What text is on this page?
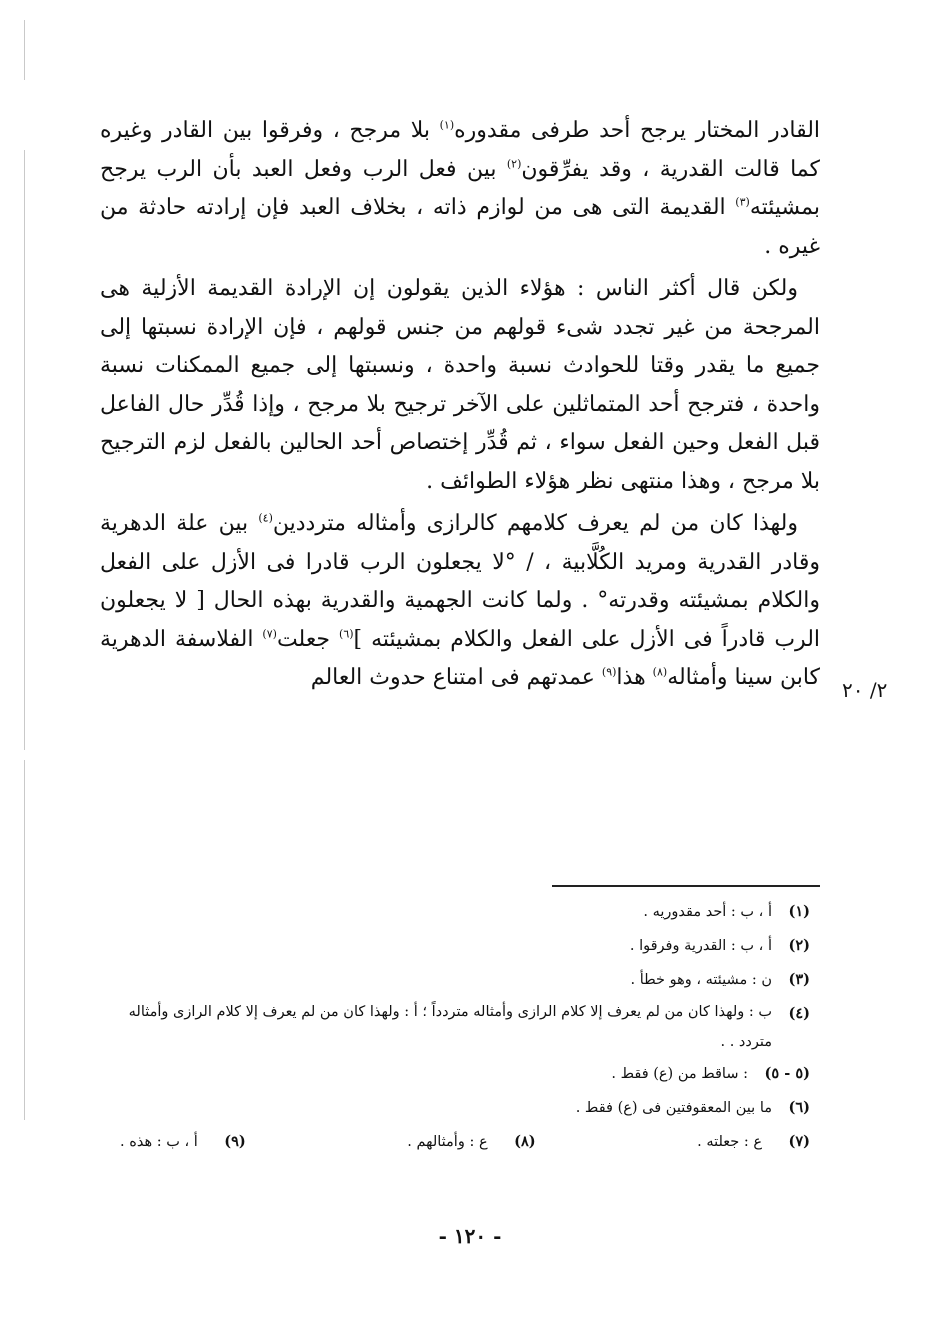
القادر المختار يرجح أحد طرفى مقدوره$^{(١)}$ بلا مرجح ، وفرقوا بين القادر وغيره كما قالت القدرية ، وقد يفرِّقون$^{(٢)}$ بين فعل الرب وفعل العبد بأن الرب يرجح بمشيئته$^{(٣)}$ القديمة التى هى من لوازم ذاته ، بخلاف العبد فإن إرادته حادثة من غيره .

ولكن قال أكثر الناس : هؤلاء الذين يقولون إن الإرادة القديمة الأزلية هى المرجحة من غير تجدد شىء قولهم من جنس قولهم ، فإن الإرادة نسبتها إلى جميع ما يقدر وقتا للحوادث نسبة واحدة ، ونسبتها إلى جميع الممكنات نسبة واحدة ، فترجح أحد المتماثلين على الآخر ترجيح بلا مرجح ، وإذا قُدِّر حال الفاعل قبل الفعل وحين الفعل سواء ، ثم قُدِّر إختصاص أحد الحالين بالفعل لزم الترجيح بلا مرجح ، وهذا منتهى نظر هؤلاء الطوائف .

ولهذا كان من لم يعرف كلامهم كالرازى وأمثاله مترددين$^{(٤)}$ بين علة الدهرية وقادر القدرية ومريد الكُلَّابية ، / °لا يجعلون الرب قادرا فى الأزل على الفعل والكلام بمشيئته وقدرته° . ولما كانت الجهمية والقدرية بهذه الحال [ لا يجعلون الرب قادراً فى الأزل على الفعل والكلام بمشيئته ]$^{(٦)}$ جعلت$^{(٧)}$ الفلاسفة الدهرية كابن سينا وأمثاله$^{(٨)}$ هذا$^{(٩)}$ عمدتهم فى امتناع حدوث العالم	٢/ ٢٠
(١)
أ ، ب : أحد مقدوريه .
(٢)
أ ، ب : القدرية وفرقوا .
(٣)
ن : مشيئته ، وهو خطأ .
(٤)
ب : ولهذا كان من لم يعرف إلا كلام الرازى وأمثاله متردداً ؛ أ : ولهذا كان من لم يعرف إلا كلام الرازى وأمثاله متردد . .
(٥ - ٥)
: ساقط من (ع) فقط .
(٦)
ما بين المعقوفتين فى (ع) فقط .
(٧)
ع : جعلته .
(٨)
ع : وأمثالهم .
(٩)
أ ، ب : هذه .
- ١٢٠ -
